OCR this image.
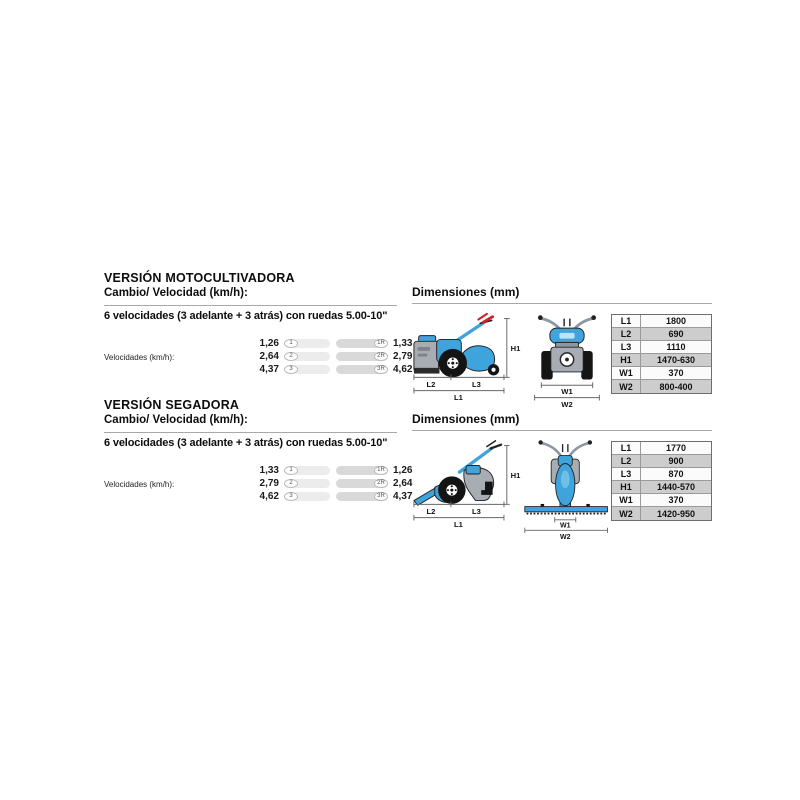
VERSIÓN MOTOCULTIVADORA
Cambio/ Velocidad (km/h):
6 velocidades (3 adelante + 3 atrás) con ruedas 5.00-10"
Velocidades (km/h):
1,26	1	1R 1,33
2,64	2	2R 2,79
4,37	3	3R 4,62
Dimensiones (mm)
H1
L2	L3
L1
W1
W2
L1	1800
L2	690
L3	1110
H1	1470-630
W1	370
W2	800-400
VERSIÓN SEGADORA
Cambio/ Velocidad (km/h):
6 velocidades (3 adelante + 3 atrás) con ruedas 5.00-10"
Velocidades (km/h):
1,33	1	1R 1,26
2,79	2	2R 2,64
4,62	3	3R 4,37
Dimensiones (mm)
H1
L2	L3
L1	W1
W2
L1	1770
L2	900
L3	870
H1	1440-570
W1	370
W2	1420-950
